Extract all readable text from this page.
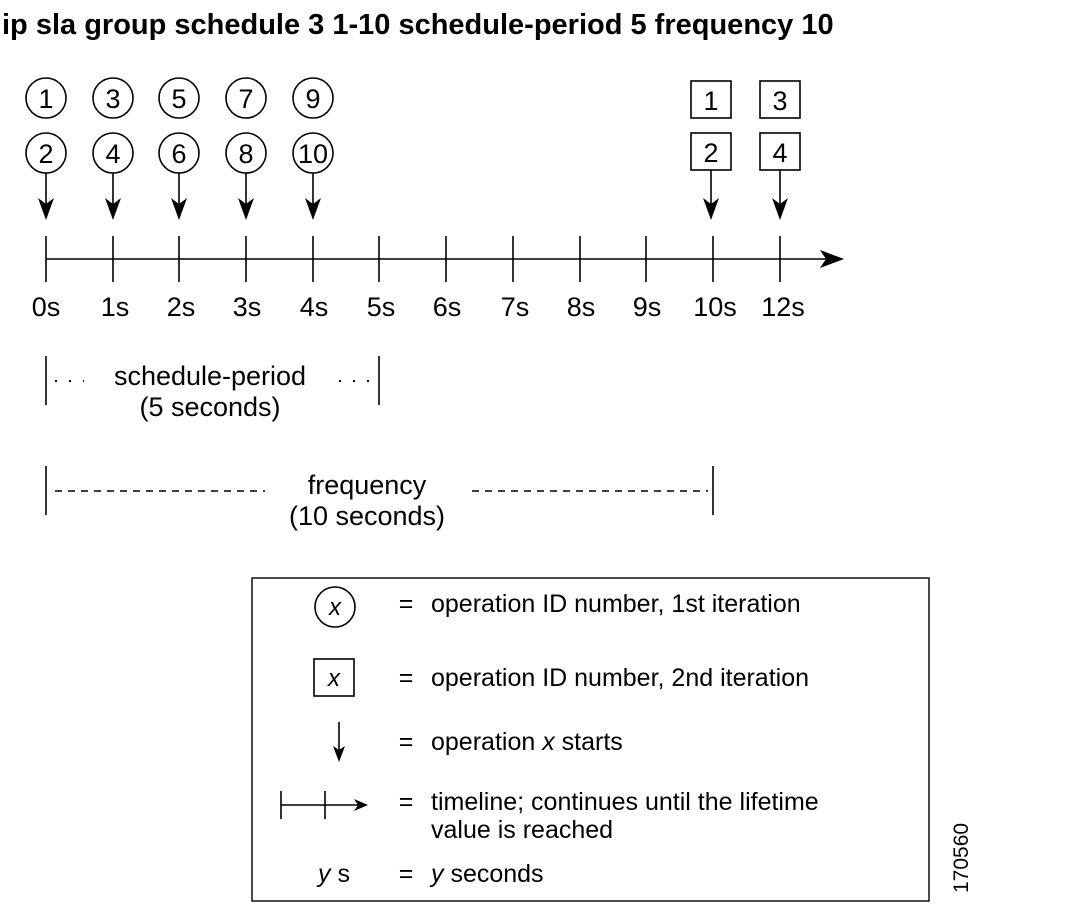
ip sla group schedule 3 1-10 schedule-period 5 frequency 10
1 3 5 7 9
2 4 6 8 10
1 3
2 4
0s 1s 2s 3s 4s 5s 6s 7s 8s 9s 10s 12s
schedule-period
(5 seconds)
frequency
(10 seconds)
x = operation ID number, 1st iteration
x = operation ID number, 2nd iteration
= operation x starts
= timeline; continues until the lifetime
value is reached
y s = y seconds	170560
